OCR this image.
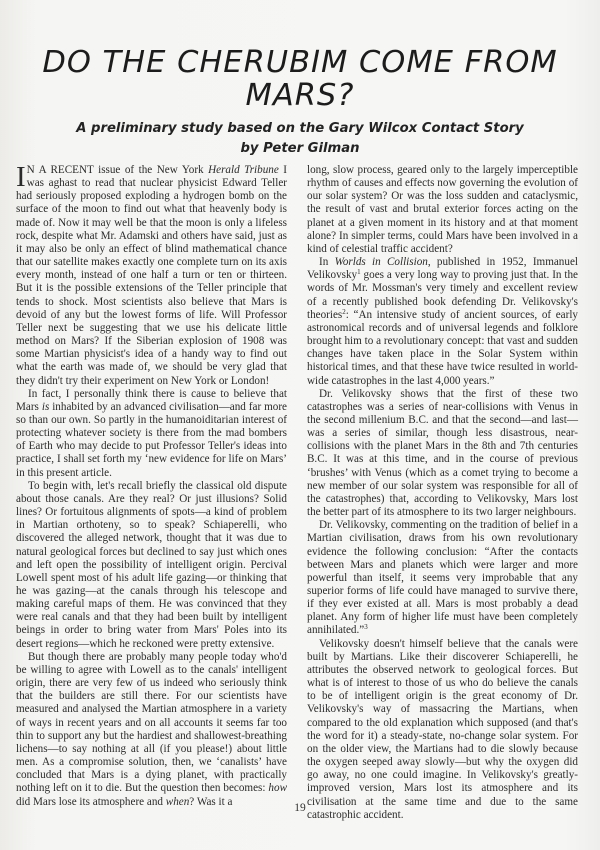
DO THE CHERUBIM COME FROM MARS?
A preliminary study based on the Gary Wilcox Contact Story
by Peter Gilman

I N A RECENT issue of the New York Herald Tribune I was aghast to read that nuclear physicist Edward Teller had seriously proposed exploding a hydrogen bomb on the surface of the moon to find out what that heavenly body is made of. Now it may well be that the moon is only a lifeless rock, despite what Mr. Adamski and others have said, just as it may also be only an effect of blind mathematical chance that our satellite makes exactly one complete turn on its axis every month, instead of one half a turn or ten or thirteen. But it is the possible extensions of the Teller principle that tends to shock. Most scientists also believe that Mars is devoid of any but the lowest forms of life. Will Professor Teller next be suggesting that we use his delicate little method on Mars? If the Siberian explosion of 1908 was some Martian physicist's idea of a handy way to find out what the earth was made of, we should be very glad that they didn't try their experiment on New York or London!

In fact, I personally think there is cause to believe that Mars is inhabited by an advanced civilisation—and far more so than our own. So partly in the humanoiditarian interest of protecting whatever society is there from the mad bombers of Earth who may decide to put Professor Teller's ideas into practice, I shall set forth my ‘new evidence for life on Mars’ in this present article.

To begin with, let's recall briefly the classical old dispute about those canals. Are they real? Or just illusions? Solid lines? Or fortuitous alignments of spots—a kind of problem in Martian orthoteny, so to speak? Schiaperelli, who discovered the alleged network, thought that it was due to natural geological forces but declined to say just which ones and left open the possibility of intelligent origin. Percival Lowell spent most of his adult life gazing—or thinking that he was gazing—at the canals through his telescope and making careful maps of them. He was convinced that they were real canals and that they had been built by intelligent beings in order to bring water from Mars' Poles into its desert regions—which he reckoned were pretty extensive.

But though there are probably many people today who'd be willing to agree with Lowell as to the canals' intelligent origin, there are very few of us indeed who seriously think that the builders are still there. For our scientists have measured and analysed the Martian atmosphere in a variety of ways in recent years and on all accounts it seems far too thin to support any but the hardiest and shallowest-breathing lichens—to say nothing at all (if you please!) about little men. As a compromise solution, then, we ‘canalists’ have concluded that Mars is a dying planet, with practically nothing left on it to die. But the question then becomes: how did Mars lose its atmosphere and when? Was it a

long, slow process, geared only to the largely imperceptible rhythm of causes and effects now governing the evolution of our solar system? Or was the loss sudden and cataclysmic, the result of vast and brutal exterior forces acting on the planet at a given moment in its history and at that moment alone? In simpler terms, could Mars have been involved in a kind of celestial traffic accident?

In Worlds in Collision, published in 1952, Immanuel Velikovsky$^1$ goes a very long way to proving just that. In the words of Mr. Mossman's very timely and excellent review of a recently published book defending Dr. Velikovsky's theories$^2$: “An intensive study of ancient sources, of early astronomical records and of universal legends and folklore brought him to a revolutionary concept: that vast and sudden changes have taken place in the Solar System within historical times, and that these have twice resulted in world-wide catastrophes in the last 4,000 years.”

Dr. Velikovsky shows that the first of these two catastrophes was a series of near-collisions with Venus in the second millenium B.C. and that the second—and last—was a series of similar, though less disastrous, near-collisions with the planet Mars in the 8th and 7th centuries B.C. It was at this time, and in the course of previous ‘brushes’ with Venus (which as a comet trying to become a new member of our solar system was responsible for all of the catastrophes) that, according to Velikovsky, Mars lost the better part of its atmosphere to its two larger neighbours.

Dr. Velikovsky, commenting on the tradition of belief in a Martian civilisation, draws from his own revolutionary evidence the following conclusion: “After the contacts between Mars and planets which were larger and more powerful than itself, it seems very improbable that any superior forms of life could have managed to survive there, if they ever existed at all. Mars is most probably a dead planet. Any form of higher life must have been completely annihilated.”$^3$

Velikovsky doesn't himself believe that the canals were built by Martians. Like their discoverer Schiaperelli, he attributes the observed network to geological forces. But what is of interest to those of us who do believe the canals to be of intelligent origin is the great economy of Dr. Velikovsky's way of massacring the Martians, when compared to the old explanation which supposed (and that's the word for it) a steady-state, no-change solar system. For on the older view, the Martians had to die slowly because the oxygen seeped away slowly—but why the oxygen did go away, no one could imagine. In Velikovsky's greatly-improved version, Mars lost its atmosphere and its civilisation at the same time and due to the same catastrophic accident.

19
